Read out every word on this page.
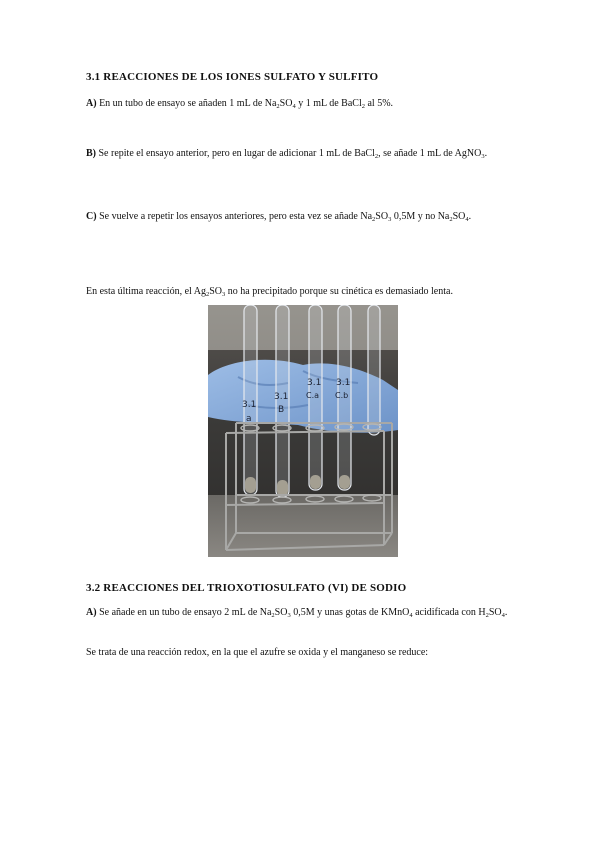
3.1 REACCIONES DE LOS IONES SULFATO Y SULFITO
A) En un tubo de ensayo se añaden 1 mL de $Na_2SO_4$ y 1 mL de BaCl$_2$ al 5%.
B) Se repite el ensayo anterior, pero en lugar de adicionar 1 mL de BaCl$_2$, se añade 1 mL de AgNO$_3$.
C) Se vuelve a repetir los ensayos anteriores, pero esta vez se añade $Na_2SO_3$ 0,5M y no $Na_2SO_4$.
En esta última reacción, el $Ag_2SO_3$ no ha precipitado porque su cinética es demasiado lenta.
3.1
a
3.1
B
3.1
C.a
3.1
C.b
3.2 REACCIONES DEL TRIOXOTIOSULFATO (VI) DE SODIO
A) Se añade en un tubo de ensayo 2 mL de $Na_2SO_3$ 0,5M y unas gotas de KMnO$_4$ acidificada con $H_2SO_4$.
Se trata de una reacción redox, en la que el azufre se oxida y el manganeso se reduce:
